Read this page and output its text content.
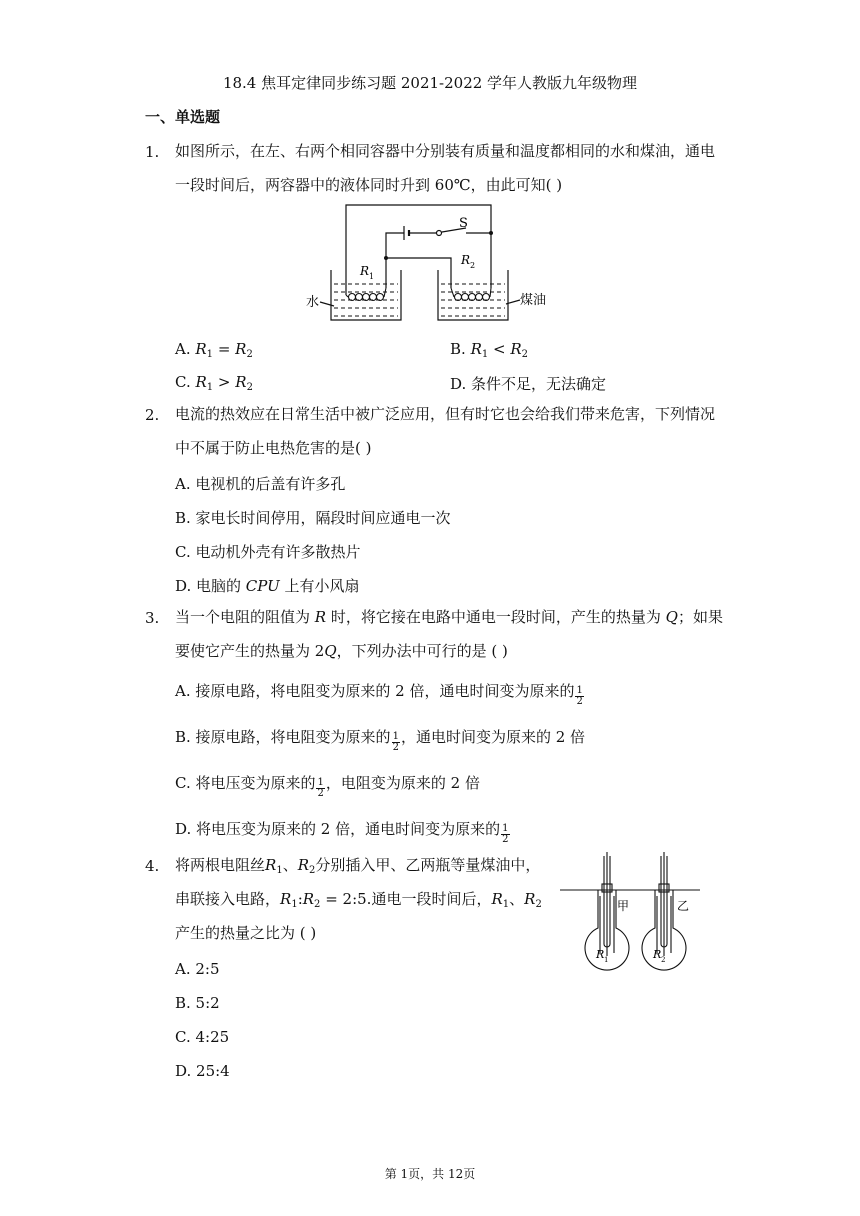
18.4 焦耳定律同步练习题 2021-2022 学年人教版九年级物理
一、单选题
1. 如图所示，在左、右两个相同容器中分别装有质量和温度都相同的水和煤油，通电
一段时间后，两容器中的液体同时升到 60℃，由此可知( )
S
R 1
R 2
水	煤油
A. $R_1 = R_2$	B. $R_1 < R_2$
C. $R_1 > R_2$	D. 条件不足，无法确定
2. 电流的热效应在日常生活中被广泛应用，但有时它也会给我们带来危害，下列情况
中不属于防止电热危害的是( )
A. 电视机的后盖有许多孔
B. 家电长时间停用，隔段时间应通电一次
C. 电动机外壳有许多散热片
D. 电脑的 CPU 上有小风扇
3. 当一个电阻的阻值为 R 时，将它接在电路中通电一段时间，产生的热量为 Q；如果
要使它产生的热量为 2Q，下列办法中可行的是 ( )
A. 接原电路，将电阻变为原来的 2 倍，通电时间变为原来的 $\frac{1}{2}$
B. 接原电路，将电阻变为原来的 $\frac{1}{2}$ ，通电时间变为原来的 2 倍
C. 将电压变为原来的 $\frac{1}{2}$ ，电阻变为原来的 2 倍
D. 将电压变为原来的 2 倍，通电时间变为原来的 $\frac{1}{2}$
4. 将两根电阻丝$R_1$、$R_2$分别插入甲、乙两瓶等量煤油中，
串联接入电路，$R_1:R_2$ = 2:5.通电一段时间后，$R_1$、$R_2$
产生的热量之比为 ( )
A. 2:5
B. 5:2
C. 4:25
D. 25:4
甲	乙
R 1	R 2
第 1页，共 12页
